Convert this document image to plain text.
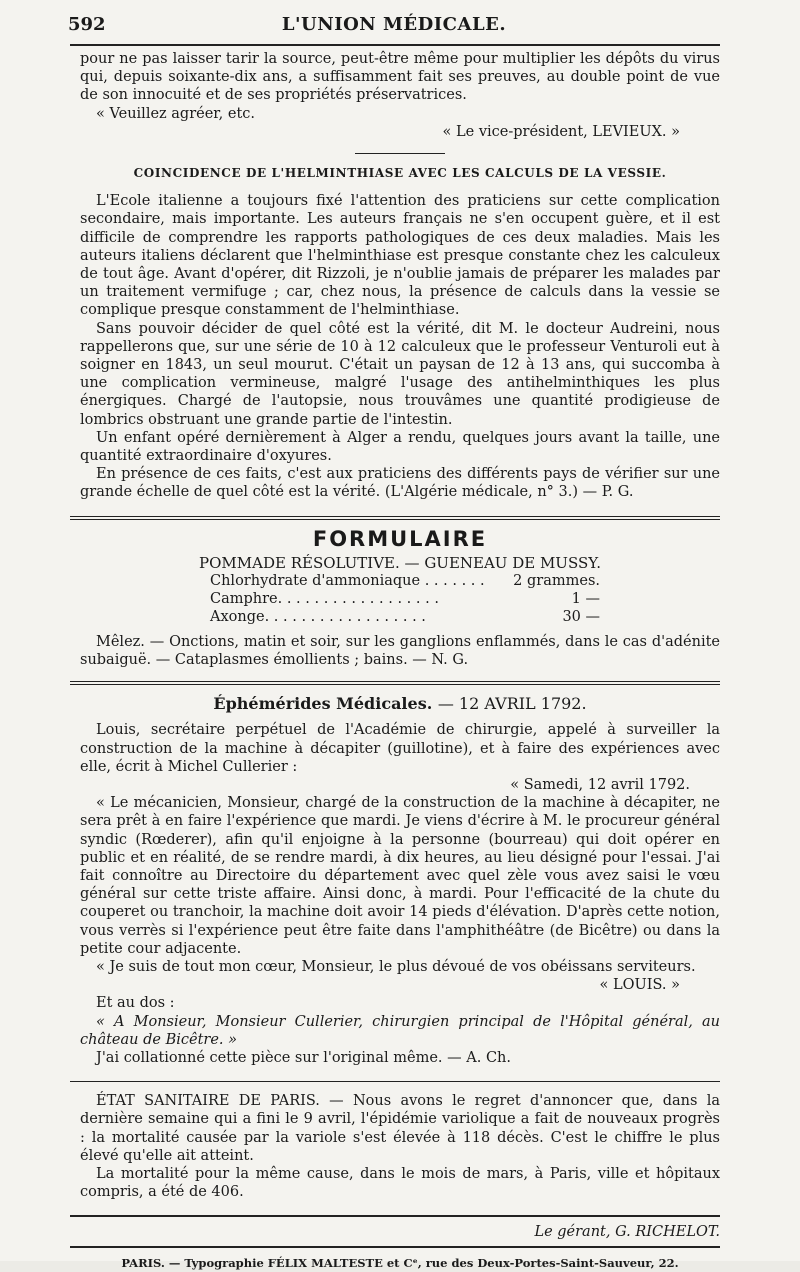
592	L'UNION MÉDICALE.

pour ne pas laisser tarir la source, peut-être même pour multiplier les dépôts du virus qui, depuis soixante-dix ans, a suffisamment fait ses preuves, au double point de vue de son innocuité et de ses propriétés préservatrices.

« Veuillez agréer, etc.

« Le vice-président, LEVIEUX. »

COINCIDENCE DE L'HELMINTHIASE AVEC LES CALCULS DE LA VESSIE.

L'Ecole italienne a toujours fixé l'attention des praticiens sur cette complication secondaire, mais importante. Les auteurs français ne s'en occupent guère, et il est difficile de comprendre les rapports pathologiques de ces deux maladies. Mais les auteurs italiens déclarent que l'helminthiase est presque constante chez les calculeux de tout âge. Avant d'opérer, dit Rizzoli, je n'oublie jamais de préparer les malades par un traitement vermifuge ; car, chez nous, la présence de calculs dans la vessie se complique presque constamment de l'helminthiase.

Sans pouvoir décider de quel côté est la vérité, dit M. le docteur Audreini, nous rappellerons que, sur une série de 10 à 12 calculeux que le professeur Venturoli eut à soigner en 1843, un seul mourut. C'était un paysan de 12 à 13 ans, qui succomba à une complication vermineuse, malgré l'usage des antihelminthiques les plus énergiques. Chargé de l'autopsie, nous trouvâmes une quantité prodigieuse de lombrics obstruant une grande partie de l'intestin.

Un enfant opéré dernièrement à Alger a rendu, quelques jours avant la taille, une quantité extraordinaire d'oxyures.

En présence de ces faits, c'est aux praticiens des différents pays de vérifier sur une grande échelle de quel côté est la vérité. (L'Algérie médicale, n° 3.) — P. G.

FORMULAIRE

POMMADE RÉSOLUTIVE. — GUENEAU DE MUSSY.

Chlorhydrate d'ammoniaque . . . . . . .	2 grammes.
Camphre. . . . . . . . . . . . . . . . . .	1 —
Axonge. . . . . . . . . . . . . . . . . .	30 —

Mêlez. — Onctions, matin et soir, sur les ganglions enflammés, dans le cas d'adénite subaiguë. — Cataplasmes émollients ; bains. — N. G.

Éphémérides Médicales. — 12 AVRIL 1792.

Louis, secrétaire perpétuel de l'Académie de chirurgie, appelé à surveiller la construction de la machine à décapiter (guillotine), et à faire des expériences avec elle, écrit à Michel Cullerier :

« Samedi, 12 avril 1792.

« Le mécanicien, Monsieur, chargé de la construction de la machine à décapiter, ne sera prêt à en faire l'expérience que mardi. Je viens d'écrire à M. le procureur général syndic (Rœderer), afin qu'il enjoigne à la personne (bourreau) qui doit opérer en public et en réalité, de se rendre mardi, à dix heures, au lieu désigné pour l'essai. J'ai fait connoître au Directoire du département avec quel zèle vous avez saisi le vœu général sur cette triste affaire. Ainsi donc, à mardi. Pour l'efficacité de la chute du couperet ou tranchoir, la machine doit avoir 14 pieds d'élévation. D'après cette notion, vous verrès si l'expérience peut être faite dans l'amphithéâtre (de Bicêtre) ou dans la petite cour adjacente.

« Je suis de tout mon cœur, Monsieur, le plus dévoué de vos obéissans serviteurs.

« LOUIS. »

Et au dos :

« A Monsieur, Monsieur Cullerier, chirurgien principal de l'Hôpital général, au château de Bicêtre. »

J'ai collationné cette pièce sur l'original même. — A. Ch.

ÉTAT SANITAIRE DE PARIS. — Nous avons le regret d'annoncer que, dans la dernière semaine qui a fini le 9 avril, l'épidémie variolique a fait de nouveaux progrès : la mortalité causée par la variole s'est élevée à 118 décès. C'est le chiffre le plus élevé qu'elle ait atteint.

La mortalité pour la même cause, dans le mois de mars, à Paris, ville et hôpitaux compris, a été de 406.

Le gérant, G. RICHELOT.

PARIS. — Typographie FÉLIX MALTESTE et Cᵉ, rue des Deux-Portes-Saint-Sauveur, 22.
